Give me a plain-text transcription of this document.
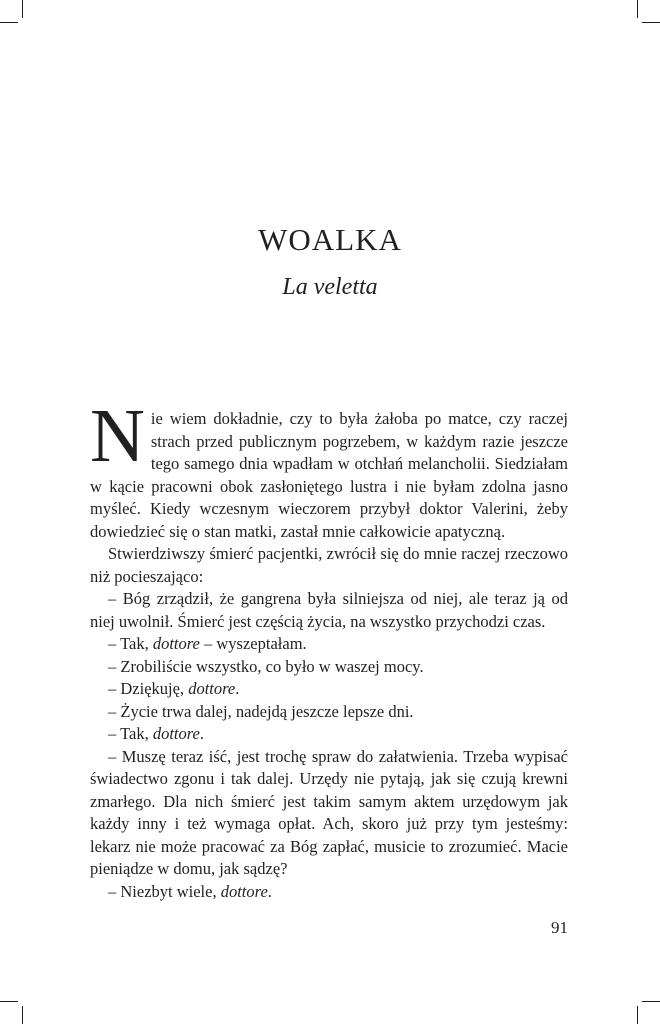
WOALKA
La veletta

Nie wiem dokładnie, czy to była żałoba po matce, czy raczej strach przed publicznym pogrzebem, w każdym razie jeszcze tego samego dnia wpadłam w otchłań melancholii. Siedziałam w kącie pracowni obok zasłoniętego lustra i nie byłam zdolna jasno myśleć. Kiedy wczesnym wieczorem przybył doktor Valerini, żeby dowiedzieć się o stan matki, zastał mnie całkowicie apatyczną.

Stwierdziwszy śmierć pacjentki, zwrócił się do mnie raczej rzeczowo niż pocieszająco:

– Bóg zrządził, że gangrena była silniejsza od niej, ale teraz ją od niej uwolnił. Śmierć jest częścią życia, na wszystko przychodzi czas.

– Tak, dottore – wyszeptałam.

– Zrobiliście wszystko, co było w waszej mocy.

– Dziękuję, dottore.

– Życie trwa dalej, nadejdą jeszcze lepsze dni.

– Tak, dottore.

– Muszę teraz iść, jest trochę spraw do załatwienia. Trzeba wypisać świadectwo zgonu i tak dalej. Urzędy nie pytają, jak się czują krewni zmarłego. Dla nich śmierć jest takim samym aktem urzędowym jak każdy inny i też wymaga opłat. Ach, skoro już przy tym jesteśmy: lekarz nie może pracować za Bóg zapłać, musicie to zrozumieć. Macie pieniądze w domu, jak sądzę?

– Niezbyt wiele, dottore.

91
